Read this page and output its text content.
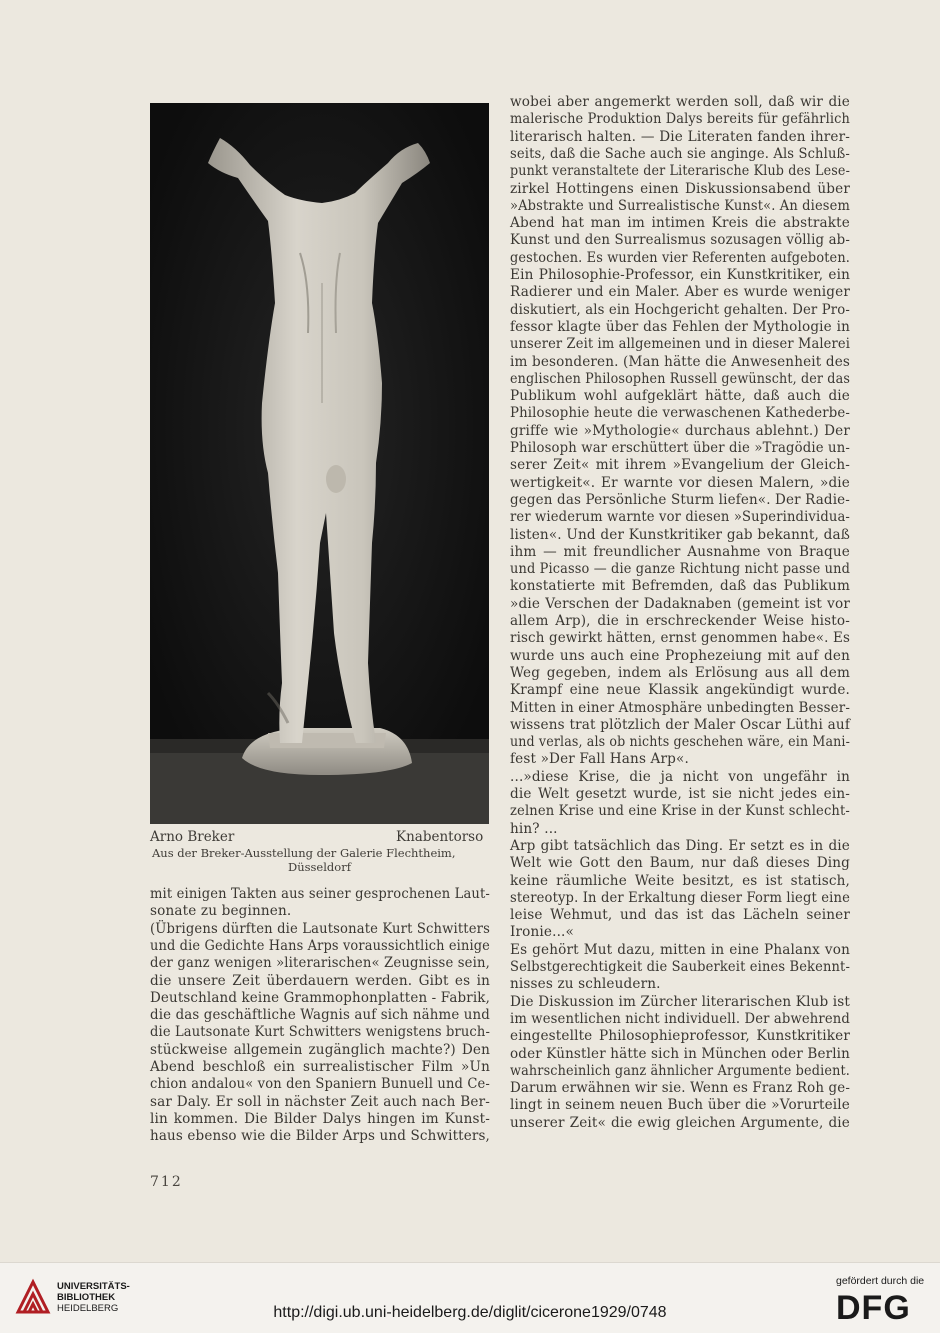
Arno Breker	Knabentorso
Aus der Breker-Ausstellung der Galerie Flechtheim,
Düsseldorf
mit einigen Takten aus seiner gesprochenen Laut-
sonate zu beginnen.
(Übrigens dürften die Lautsonate Kurt Schwitters
und die Gedichte Hans Arps voraussichtlich einige
der ganz wenigen »literarischen« Zeugnisse sein,
die unsere Zeit überdauern werden. Gibt es in
Deutschland keine Grammophonplatten - Fabrik,
die das geschäftliche Wagnis auf sich nähme und
die Lautsonate Kurt Schwitters wenigstens bruch-
stückweise allgemein zugänglich machte?) Den
Abend beschloß ein surrealistischer Film »Un
chion andalou« von den Spaniern Bunuell und Ce-
sar Daly. Er soll in nächster Zeit auch nach Ber-
lin kommen. Die Bilder Dalys hingen im Kunst-
haus ebenso wie die Bilder Arps und Schwitters,
wobei aber angemerkt werden soll, daß wir die
malerische Produktion Dalys bereits für gefährlich
literarisch halten. — Die Literaten fanden ihrer-
seits, daß die Sache auch sie anginge. Als Schluß-
punkt veranstaltete der Literarische Klub des Lese-
zirkel Hottingens einen Diskussionsabend über
»Abstrakte und Surrealistische Kunst«. An diesem
Abend hat man im intimen Kreis die abstrakte
Kunst und den Surrealismus sozusagen völlig ab-
gestochen. Es wurden vier Referenten aufgeboten.
Ein Philosophie-Professor, ein Kunstkritiker, ein
Radierer und ein Maler. Aber es wurde weniger
diskutiert, als ein Hochgericht gehalten. Der Pro-
fessor klagte über das Fehlen der Mythologie in
unserer Zeit im allgemeinen und in dieser Malerei
im besonderen. (Man hätte die Anwesenheit des
englischen Philosophen Russell gewünscht, der das
Publikum wohl aufgeklärt hätte, daß auch die
Philosophie heute die verwaschenen Kathederbe-
griffe wie »Mythologie« durchaus ablehnt.) Der
Philosoph war erschüttert über die »Tragödie un-
serer Zeit« mit ihrem »Evangelium der Gleich-
wertigkeit«. Er warnte vor diesen Malern, »die
gegen das Persönliche Sturm liefen«. Der Radie-
rer wiederum warnte vor diesen »Superindividua-
listen«. Und der Kunstkritiker gab bekannt, daß
ihm — mit freundlicher Ausnahme von Braque
und Picasso — die ganze Richtung nicht passe und
konstatierte mit Befremden, daß das Publikum
»die Verschen der Dadaknaben (gemeint ist vor
allem Arp), die in erschreckender Weise histo-
risch gewirkt hätten, ernst genommen habe«. Es
wurde uns auch eine Prophezeiung mit auf den
Weg gegeben, indem als Erlösung aus all dem
Krampf eine neue Klassik angekündigt wurde.
Mitten in einer Atmosphäre unbedingten Besser-
wissens trat plötzlich der Maler Oscar Lüthi auf
und verlas, als ob nichts geschehen wäre, ein Mani-
fest »Der Fall Hans Arp«.
...»diese Krise, die ja nicht von ungefähr in
die Welt gesetzt wurde, ist sie nicht jedes ein-
zelnen Krise und eine Krise in der Kunst schlecht-
hin? ...
Arp gibt tatsächlich das Ding. Er setzt es in die
Welt wie Gott den Baum, nur daß dieses Ding
keine räumliche Weite besitzt, es ist statisch,
stereotyp. In der Erkaltung dieser Form liegt eine
leise Wehmut, und das ist das Lächeln seiner
Ironie...«
Es gehört Mut dazu, mitten in eine Phalanx von
Selbstgerechtigkeit die Sauberkeit eines Bekennt-
nisses zu schleudern.
Die Diskussion im Zürcher literarischen Klub ist
im wesentlichen nicht individuell. Der abwehrend
eingestellte Philosophieprofessor, Kunstkritiker
oder Künstler hätte sich in München oder Berlin
wahrscheinlich ganz ähnlicher Argumente bedient.
Darum erwähnen wir sie. Wenn es Franz Roh ge-
lingt in seinem neuen Buch über die »Vorurteile
unserer Zeit« die ewig gleichen Argumente, die
712
UNIVERSITÄTS-
BIBLIOTHEK
HEIDELBERG	http://digi.ub.uni-heidelberg.de/diglit/cicerone1929/0748
gefördert durch die
DFG
